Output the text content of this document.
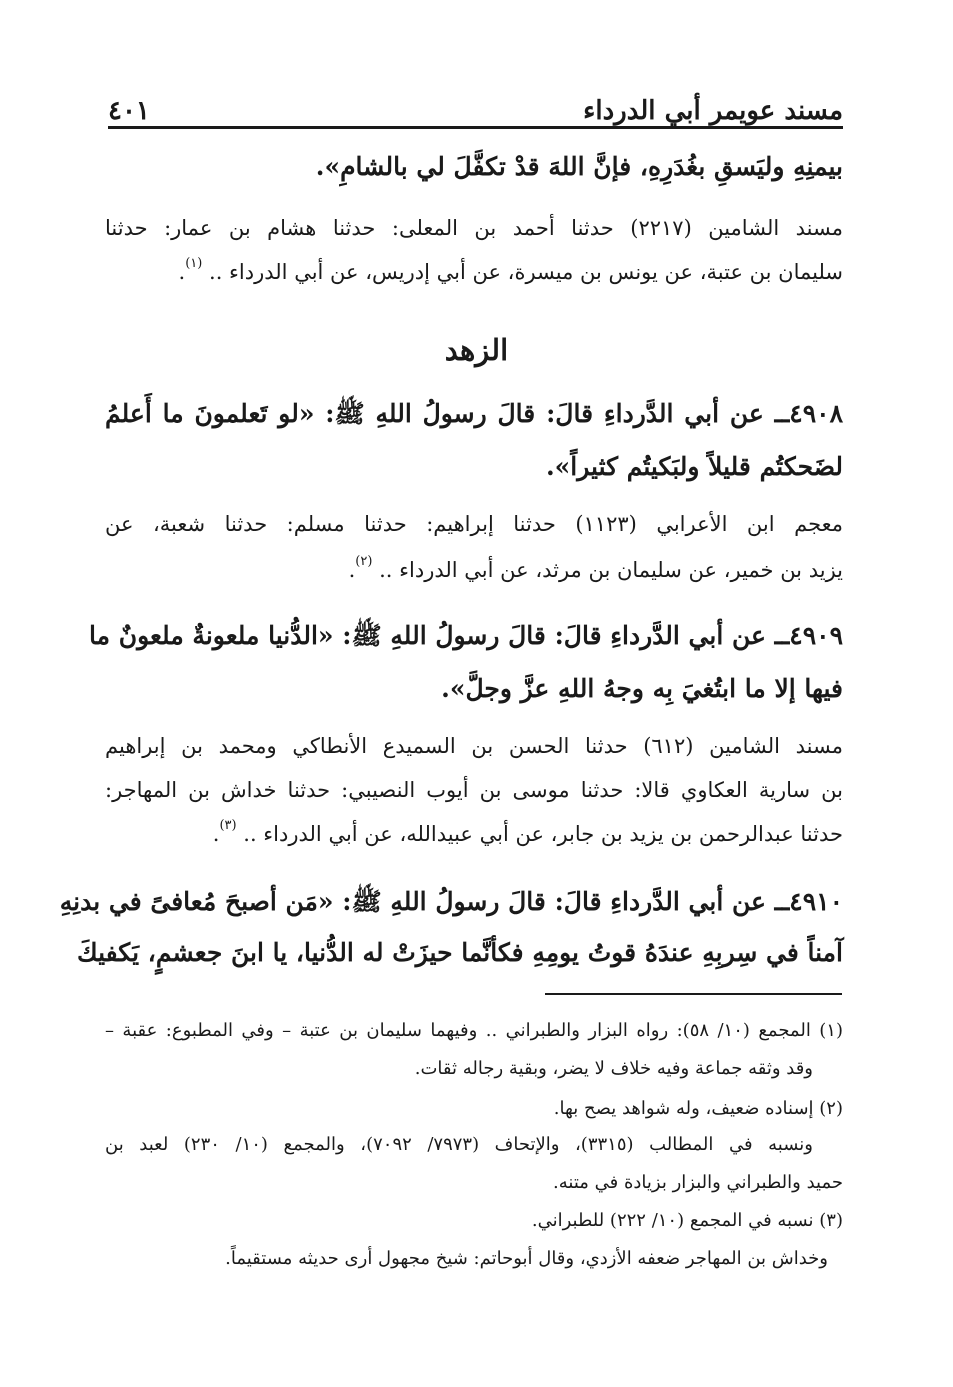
مسند عويمر أبي الدرداء
٤٠١
بيمنِهِ وليَسقِ بغُدَرِهِ، فإنَّ اللهَ قدْ تكفَّلَ لي بالشامِ».
مسند الشامين (٢٢١٧) حدثنا أحمد بن المعلى: حدثنا هشام بن عمار: حدثنا
سليمان بن عتبة، عن يونس بن ميسرة، عن أبي إدريس، عن أبي الدرداء .. $^{(١)}$.
الزهد
٤٩٠٨ــ عن أبي الدَّرداءِ قالَ: قالَ رسولُ اللهِ ﷺ: «لو تَعلمونَ ما أَعلمُ
لضَحكتُم قليلاً ولبَكيتُم كثيراً».
معجم ابن الأعرابي (١١٢٣) حدثنا إبراهيم: حدثنا مسلم: حدثنا شعبة، عن
يزيد بن خمير، عن سليمان بن مرثد، عن أبي الدرداء .. $^{(٢)}$.
٤٩٠٩ــ عن أبي الدَّرداءِ قالَ: قالَ رسولُ اللهِ ﷺ: «الدُّنيا ملعونةٌ ملعونٌ ما
فيها إلا ما ابتُغيَ بِه وجهُ اللهِ عزَّ وجلَّ».
مسند الشامين (٦١٢) حدثنا الحسن بن السميدع الأنطاكي ومحمد بن إبراهيم
بن سارية العكاوي قالا: حدثنا موسى بن أيوب النصيبي: حدثنا خداش بن المهاجر:
حدثنا عبدالرحمن بن يزيد بن جابر، عن أبي عبيدالله، عن أبي الدرداء .. $^{(٣)}$.
٤٩١٠ــ عن أبي الدَّرداءِ قالَ: قالَ رسولُ اللهِ ﷺ: «مَن أصبحَ مُعافىً في بدنِهِ
آمناً في سِربِهِ عندَهُ قوتُ يومِهِ فكأنَّما حيزَتْ له الدُّنيا، يا ابنَ جعشمٍ، يَكفيكَ
(١) المجمع (١٠/ ٥٨): رواه البزار والطبراني .. وفيهما سليمان بن عتبة – وفي المطبوع: عقبة –
وقد وثقه جماعة وفيه خلاف لا يضر، وبقية رجاله ثقات.
(٢) إسناده ضعيف، وله شواهد يصح بها.
ونسبه في المطالب (٣٣١٥)، والإتحاف (٧٩٧٣/ ٧٠٩٢)، والمجمع (١٠/ ٢٣٠) لعبد بن
حميد والطبراني والبزار بزيادة في متنه.
(٣) نسبه في المجمع (١٠/ ٢٢٢) للطبراني.
وخداش بن المهاجر ضعفه الأزدي، وقال أبوحاتم: شيخ مجهول أرى حديثه مستقيماً.
